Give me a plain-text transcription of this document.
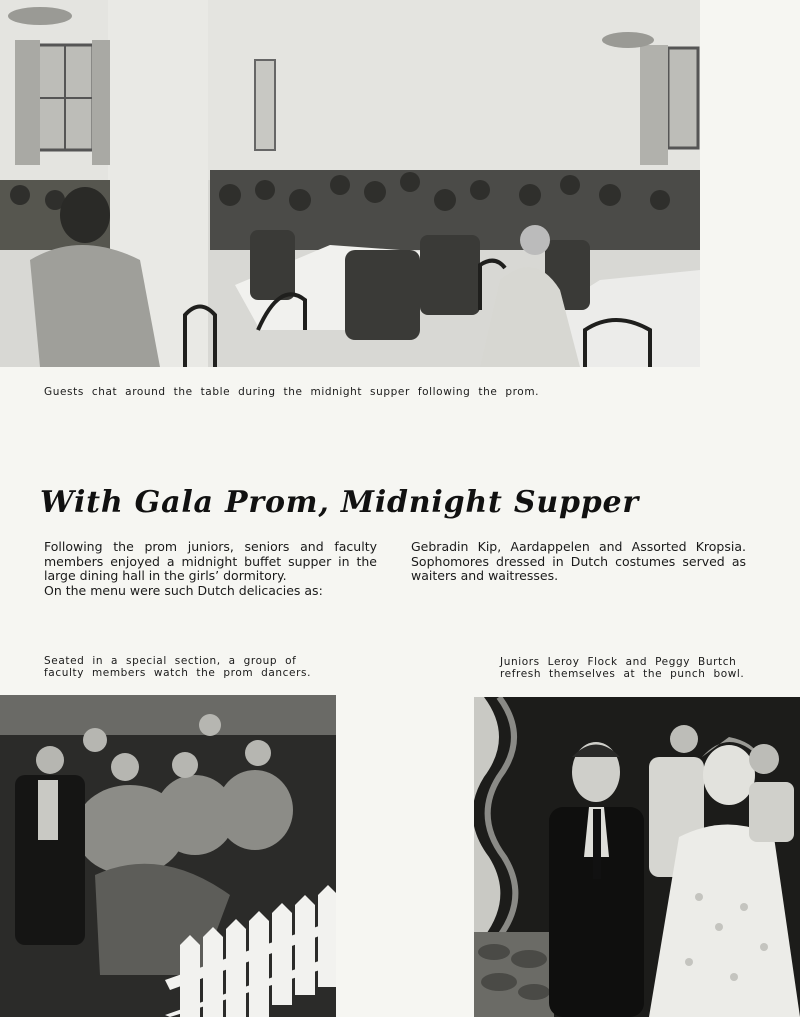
Guests chat around the table during the midnight supper following the prom.
With Gala Prom, Midnight Supper

Following the prom juniors, seniors and faculty members enjoyed a midnight buffet supper in the large dining hall in the girls’ dormitory.

On the menu were such Dutch delicacies as:

Gebradin Kip, Aardappelen and Assorted Kropsia. Sophomores dressed in Dutch costumes served as waiters and waitresses.

Seated in a special section, a group of faculty members watch the prom dancers.
Juniors Leroy Flock and Peggy Burtch refresh themselves at the punch bowl.
